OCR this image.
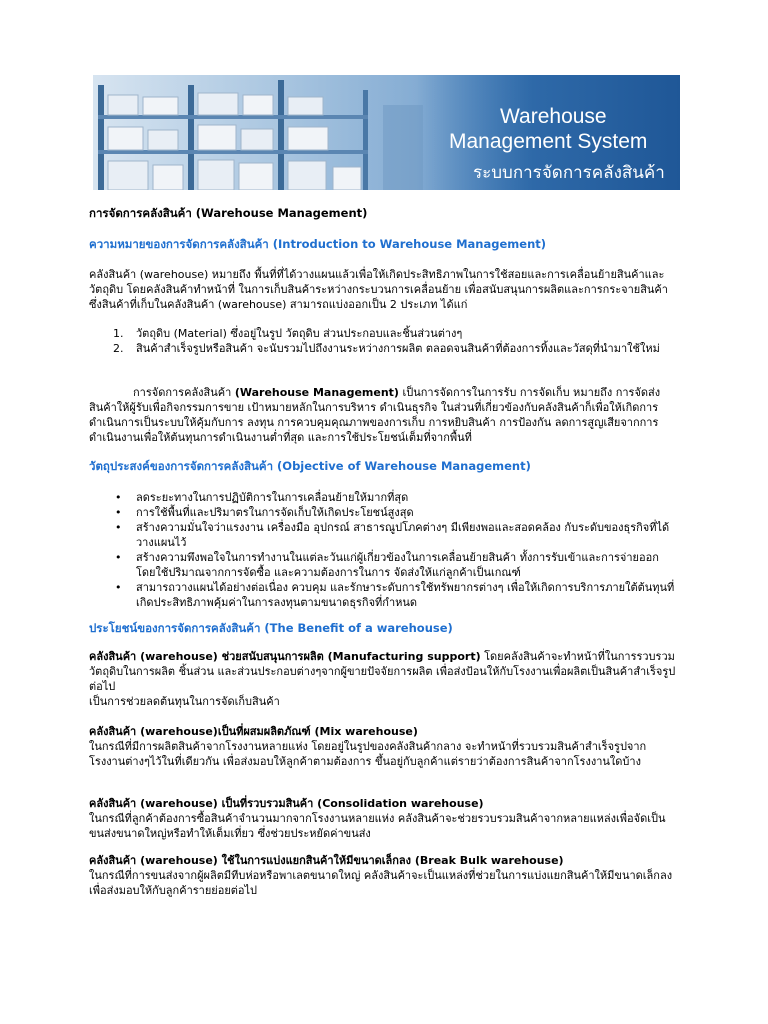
Warehouse
Management System
ระบบการจัดการคลังสินค้า
การจัดการคลังสินค้า (Warehouse Management)
ความหมายของการจัดการคลังสินค้า (Introduction to Warehouse Management)

คลังสินค้า (warehouse) หมายถึง พื้นที่ที่ได้วางแผนแล้วเพื่อให้เกิดประสิทธิภาพในการใช้สอยและการเคลื่อนย้ายสินค้าและวัตถุดิบ โดยคลังสินค้าทำหน้าที่ ในการเก็บสินค้าระหว่างกระบวนการเคลื่อนย้าย เพื่อสนับสนุนการผลิตและการกระจายสินค้า ซึ่งสินค้าที่เก็บในคลังสินค้า (warehouse) สามารถแบ่งออกเป็น 2 ประเภท ได้แก่

1. วัตถุดิบ (Material) ซึ่งอยู่ในรูป วัตถุดิบ ส่วนประกอบและชิ้นส่วนต่างๆ
2. สินค้าสำเร็จรูปหรือสินค้า จะนับรวมไปถึงงานระหว่างการผลิต ตลอดจนสินค้าที่ต้องการทิ้งและวัสดุที่นำมาใช้ใหม่

การจัดการคลังสินค้า (Warehouse Management) เป็นการจัดการในการรับ การจัดเก็บ หมายถึง การจัดส่งสินค้าให้ผู้รับเพื่อกิจกรรมการขาย เป้าหมายหลักในการบริหาร ดำเนินธุรกิจ ในส่วนที่เกี่ยวข้องกับคลังสินค้าก็เพื่อให้เกิดการดำเนินการเป็นระบบให้คุ้มกับการ ลงทุน การควบคุมคุณภาพของการเก็บ การหยิบสินค้า การป้องกัน ลดการสูญเสียจากการ ดำเนินงานเพื่อให้ต้นทุนการดำเนินงานต่ำที่สุด และการใช้ประโยชน์เต็มที่จากพื้นที่

วัตถุประสงค์ของการจัดการคลังสินค้า (Objective of Warehouse Management)
• ลดระยะทางในการปฏิบัติการในการเคลื่อนย้ายให้มากที่สุด
• การใช้พื้นที่และปริมาตรในการจัดเก็บให้เกิดประโยชน์สูงสุด
• สร้างความมั่นใจว่าแรงงาน เครื่องมือ อุปกรณ์ สาธารณูปโภคต่างๆ มีเพียงพอและสอดคล้อง กับระดับของธุรกิจที่ได้วางแผนไว้
• สร้างความพึงพอใจในการทำงานในแต่ละวันแก่ผู้เกี่ยวข้องในการเคลื่อนย้ายสินค้า ทั้งการรับเข้าและการจ่ายออก โดยใช้ปริมาณจากการจัดซื้อ และความต้องการในการ จัดส่งให้แก่ลูกค้าเป็นเกณฑ์
• สามารถวางแผนได้อย่างต่อเนื่อง ควบคุม และรักษาระดับการใช้ทรัพยากรต่างๆ เพื่อให้เกิดการบริการภายใต้ต้นทุนที่เกิดประสิทธิภาพคุ้มค่าในการลงทุนตามขนาดธุรกิจที่กำหนด
ประโยชน์ของการจัดการคลังสินค้า (The Benefit of a warehouse)

คลังสินค้า (warehouse) ช่วยสนับสนุนการผลิต (Manufacturing support) โดยคลังสินค้าจะทำหน้าที่ในการรวบรวมวัตถุดิบในการผลิต ชิ้นส่วน และส่วนประกอบต่างๆจากผู้ขายปัจจัยการผลิต เพื่อส่งป้อนให้กับโรงงานเพื่อผลิตเป็นสินค้าสำเร็จรูปต่อไป

เป็นการช่วยลดต้นทุนในการจัดเก็บสินค้า

คลังสินค้า (warehouse)เป็นที่ผสมผลิตภัณฑ์ (Mix warehouse)

ในกรณีที่มีการผลิตสินค้าจากโรงงานหลายแห่ง โดยอยู่ในรูปของคลังสินค้ากลาง จะทำหน้าที่รวบรวมสินค้าสำเร็จรูปจากโรงงานต่างๆไว้ในที่เดียวกัน เพื่อส่งมอบให้ลูกค้าตามต้องการ ขึ้นอยู่กับลูกค้าแต่รายว่าต้องการสินค้าจากโรงงานใดบ้าง

คลังสินค้า (warehouse) เป็นที่รวบรวมสินค้า (Consolidation warehouse)

ในกรณีที่ลูกค้าต้องการซื้อสินค้าจำนวนมากจากโรงงานหลายแห่ง คลังสินค้าจะช่วยรวบรวมสินค้าจากหลายแหล่งเพื่อจัดเป็นขนส่งขนาดใหญ่หรือทำให้เต็มเที่ยว ซึ่งช่วยประหยัดค่าขนส่ง

คลังสินค้า (warehouse) ใช้ในการแบ่งแยกสินค้าให้มีขนาดเล็กลง (Break Bulk warehouse)

ในกรณีที่การขนส่งจากผู้ผลิตมีทีบห่อหรือพาเลตขนาดใหญ่ คลังสินค้าจะเป็นแหล่งที่ช่วยในการแบ่งแยกสินค้าให้มีขนาดเล็กลงเพื่อส่งมอบให้กับลูกค้ารายย่อยต่อไป
